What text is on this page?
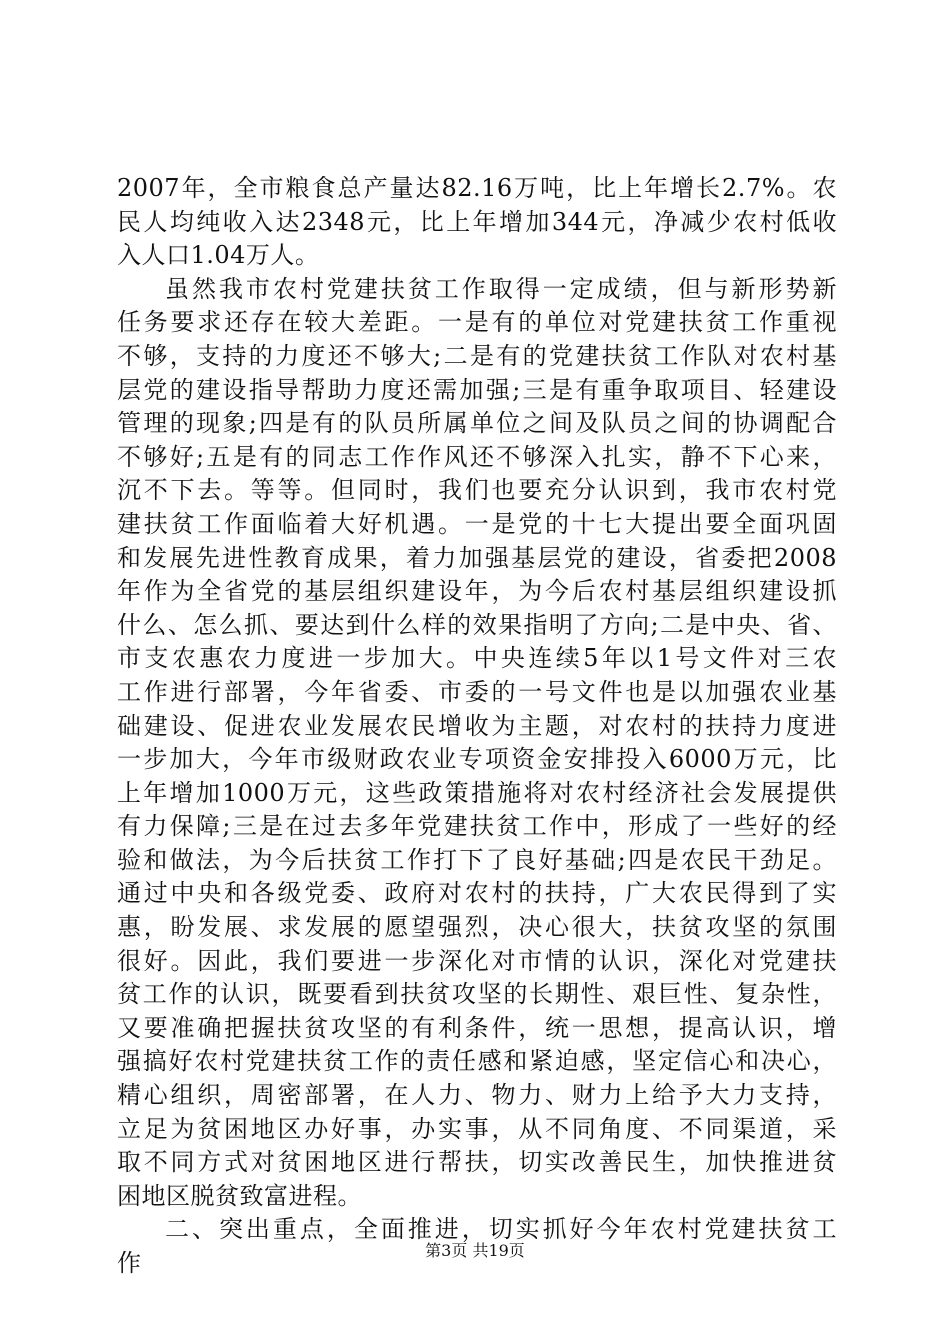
2007年，全市粮食总产量达82.16万吨，比上年增长2.7%。农
民人均纯收入达2348元，比上年增加344元，净减少农村低收
入人口1.04万人。
虽然我市农村党建扶贫工作取得一定成绩，但与新形势新
任务要求还存在较大差距。一是有的单位对党建扶贫工作重视
不够，支持的力度还不够大;二是有的党建扶贫工作队对农村基
层党的建设指导帮助力度还需加强;三是有重争取项目、轻建设
管理的现象;四是有的队员所属单位之间及队员之间的协调配合
不够好;五是有的同志工作作风还不够深入扎实，静不下心来，
沉不下去。等等。但同时，我们也要充分认识到，我市农村党
建扶贫工作面临着大好机遇。一是党的十七大提出要全面巩固
和发展先进性教育成果，着力加强基层党的建设，省委把2008
年作为全省党的基层组织建设年，为今后农村基层组织建设抓
什么、怎么抓、要达到什么样的效果指明了方向;二是中央、省、
市支农惠农力度进一步加大。中央连续5年以1号文件对三农
工作进行部署，今年省委、市委的一号文件也是以加强农业基
础建设、促进农业发展农民增收为主题，对农村的扶持力度进
一步加大，今年市级财政农业专项资金安排投入6000万元，比
上年增加1000万元，这些政策措施将对农村经济社会发展提供
有力保障;三是在过去多年党建扶贫工作中，形成了一些好的经
验和做法，为今后扶贫工作打下了良好基础;四是农民干劲足。
通过中央和各级党委、政府对农村的扶持，广大农民得到了实
惠，盼发展、求发展的愿望强烈，决心很大，扶贫攻坚的氛围
很好。因此，我们要进一步深化对市情的认识，深化对党建扶
贫工作的认识，既要看到扶贫攻坚的长期性、艰巨性、复杂性，
又要准确把握扶贫攻坚的有利条件，统一思想，提高认识，增
强搞好农村党建扶贫工作的责任感和紧迫感，坚定信心和决心，
精心组织，周密部署，在人力、物力、财力上给予大力支持，
立足为贫困地区办好事，办实事，从不同角度、不同渠道，采
取不同方式对贫困地区进行帮扶，切实改善民生，加快推进贫
困地区脱贫致富进程。
二、突出重点，全面推进，切实抓好今年农村党建扶贫工
作	第3页 共19页
